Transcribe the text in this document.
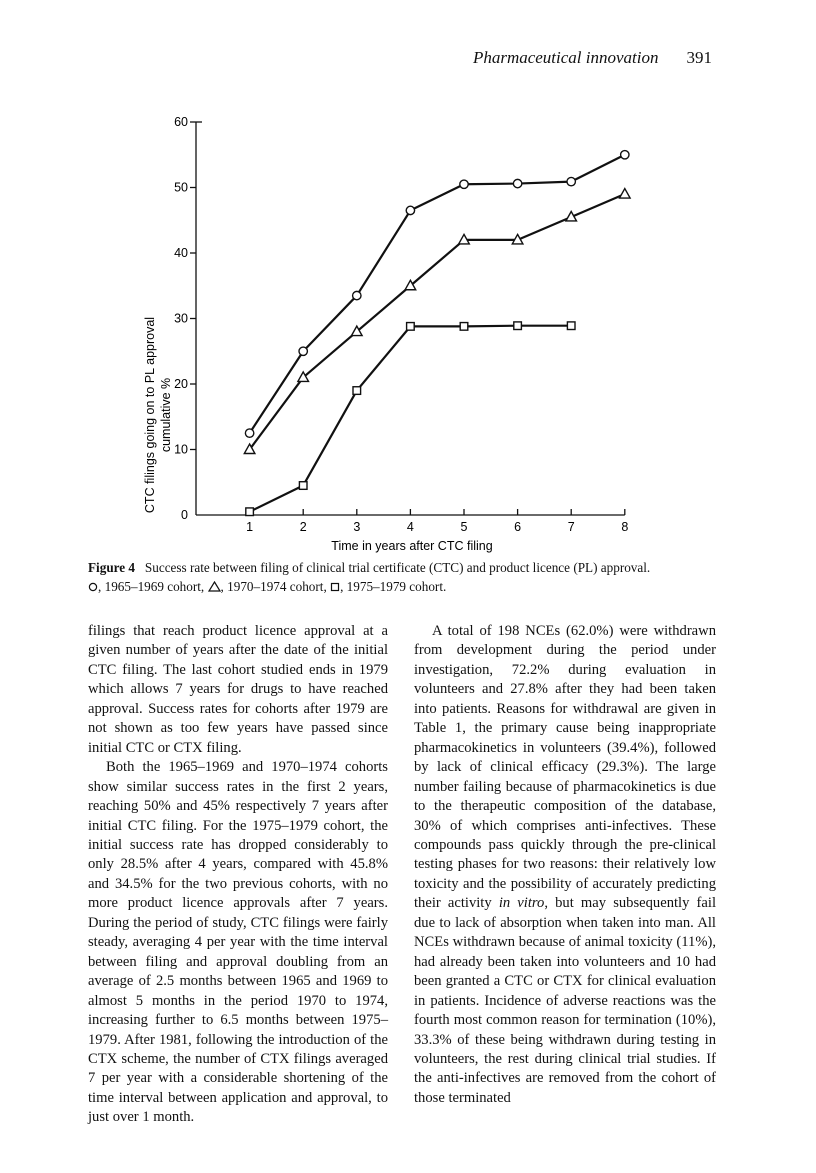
Pharmaceutical innovation 391
0
10
20
30
40
50
60
1	2	3	4	5	6	7	8
Time in years after CTC filing
CTC filings going on to PL approval cumulative %
Figure 4 Success rate between filing of clinical trial certificate (CTC) and product licence (PL) approval.
, 1965–1969 cohort, , 1970–1974 cohort, , 1975–1979 cohort.

filings that reach product licence approval at a given number of years after the date of the initial CTC filing. The last cohort studied ends in 1979 which allows 7 years for drugs to have reached approval. Success rates for cohorts after 1979 are not shown as too few years have passed since initial CTC or CTX filing.

Both the 1965–1969 and 1970–1974 cohorts show similar success rates in the first 2 years, reaching 50% and 45% respectively 7 years after initial CTC filing. For the 1975–1979 cohort, the initial success rate has dropped considerably to only 28.5% after 4 years, compared with 45.8% and 34.5% for the two previous cohorts, with no more product licence approvals after 7 years. During the period of study, CTC filings were fairly steady, averaging 4 per year with the time interval between filing and approval doubling from an average of 2.5 months between 1965 and 1969 to almost 5 months in the period 1970 to 1974, increasing further to 6.5 months between 1975–1979. After 1981, following the introduction of the CTX scheme, the number of CTX filings averaged 7 per year with a considerable shortening of the time interval between application and approval, to just over 1 month.

A total of 198 NCEs (62.0%) were withdrawn from development during the period under investigation, 72.2% during evaluation in volunteers and 27.8% after they had been taken into patients. Reasons for withdrawal are given in Table 1, the primary cause being inappropriate pharmacokinetics in volunteers (39.4%), followed by lack of clinical efficacy (29.3%). The large number failing because of pharmacokinetics is due to the therapeutic composition of the database, 30% of which comprises anti-infectives. These compounds pass quickly through the pre-clinical testing phases for two reasons: their relatively low toxicity and the possibility of accurately predicting their activity in vitro, but may subsequently fail due to lack of absorption when taken into man. All NCEs withdrawn because of animal toxicity (11%), had already been taken into volunteers and 10 had been granted a CTC or CTX for clinical evaluation in patients. Incidence of adverse reactions was the fourth most common reason for termination (10%), 33.3% of these being withdrawn during testing in volunteers, the rest during clinical trial studies. If the anti-infectives are removed from the cohort of those terminated
